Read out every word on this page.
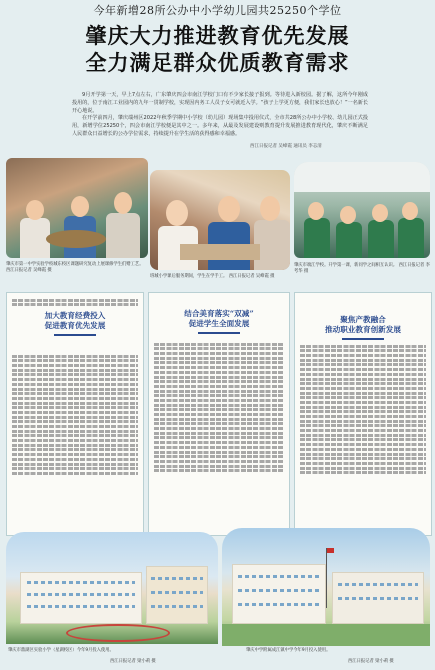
今年新增28所公办中小学幼儿园共25250个学位
肇庆大力推进教育优先发展
全力满足群众优质教育需求

9月开学第一天，早上7点左右，广东肇庆四会市南江学校门口有不少家长接子报到。等待进入新校园。据了解，这所今年刚成投用的，位于南江工业园内的九年一贯制学校，实现因内务工人员子女可就近入学。“孩子上学更方便，我们家长也放心！”一名新长开心地说。

在开学前四月，肇庆端州区2022年秋季学期中小学校（幼儿园）现场集中投用仪式，全市共28所公办中小学校、幼儿园正式投用，新增学位25250个，四会市南江学校便是其中之一。多年来，从最及发展建设则教育提升发展推进教育现代化，肇庆不断满足人民群众日益增长的公办学位需求，持续提升在学生活的获得感和幸福感。

西江日报记者 吴峰霞 通讯员 李志清
肇庆市第一中学实验学校城东校区课题研究复动上展课修学生们赠工艺。 西江日报记者 吴峰霞 摄
班城小学课后服务期间，学生在学手工。 西江日报记者 吴峰霞 摄
肇庆市端江学校。开学第一课，新同学之间相互认识。 西江日报记者 李考华 摄
加大教育经费投入
促进教育优先发展
结合美育落实“双减”
促进学生全面发展	聚焦产教融合
推动职业教育创新发展
肇庆市鼎湖区实验小学（星湖校区）今年9月投入使用。
西江日报记者 梁小莉 摄
肇庆中学附属成江镇中学今年9月投入使用。
西江日报记者 梁小莉 摄
